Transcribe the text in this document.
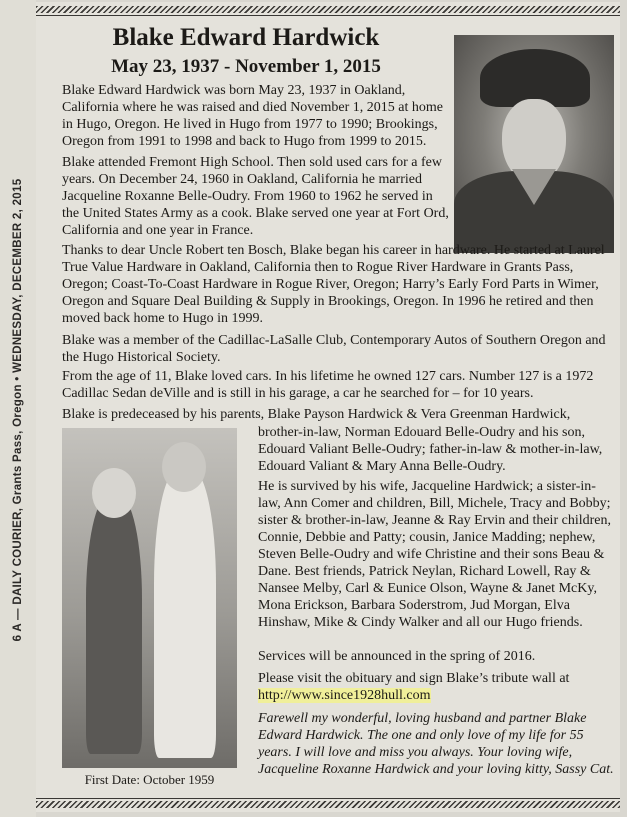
6 A — DAILY COURIER, Grants Pass, Oregon • WEDNESDAY, DECEMBER 2, 2015
Blake Edward Hardwick
May 23, 1937 - November 1, 2015

Blake Edward Hardwick was born May 23, 1937 in Oakland, California where he was raised and died November 1, 2015 at home in Hugo, Oregon. He lived in Hugo from 1977 to 1990; Brookings, Oregon from 1991 to 1998 and back to Hugo from 1999 to 2015.

Blake attended Fremont High School. Then sold used cars for a few years. On December 24, 1960 in Oakland, California he married Jacqueline Roxanne Belle-Oudry. From 1960 to 1962 he served in the United States Army as a cook. Blake served one year at Fort Ord, California and one year in France.

Thanks to dear Uncle Robert ten Bosch, Blake began his career in hardware. He started at Laurel True Value Hardware in Oakland, California then to Rogue River Hardware in Grants Pass, Oregon; Coast-To-Coast Hardware in Rogue River, Oregon; Harry’s Early Ford Parts in Wimer, Oregon and Square Deal Building & Supply in Brookings, Oregon. In 1996 he retired and then moved back home to Hugo in 1999.

Blake was a member of the Cadillac-LaSalle Club, Contemporary Autos of Southern Oregon and the Hugo Historical Society.

From the age of 11, Blake loved cars. In his lifetime he owned 127 cars. Number 127 is a 1972 Cadillac Sedan deVille and is still in his garage, a car he searched for – for 10 years.

Blake is predeceased by his parents, Blake Payson Hardwick & Vera Greenman Hardwick,

First Date: October 1959

brother-in-law, Norman Edouard Belle-Oudry and his son, Edouard Valiant Belle-Oudry; father-in-law & mother-in-law, Edouard Valiant & Mary Anna Belle-Oudry.

He is survived by his wife, Jacqueline Hardwick; a sister-in-law, Ann Comer and children, Bill, Michele, Tracy and Bobby; sister & brother-in-law, Jeanne & Ray Ervin and their children, Connie, Debbie and Patty; cousin, Janice Madding; nephew, Steven Belle-Oudry and wife Christine and their sons Beau & Dane. Best friends, Patrick Neylan, Richard Lowell, Ray & Nansee Melby, Carl & Eunice Olson, Wayne & Janet McKy, Mona Erickson, Barbara Soderstrom, Jud Morgan, Elva Hinshaw, Mike & Cindy Walker and all our Hugo friends.

Services will be announced in the spring of 2016.

Please visit the obituary and sign Blake’s tribute wall at http://www.since1928hull.com

Farewell my wonderful, loving husband and partner Blake Edward Hardwick. The one and only love of my life for 55 years. I will love and miss you always. Your loving wife, Jacqueline Roxanne Hardwick and your loving kitty, Sassy Cat.
